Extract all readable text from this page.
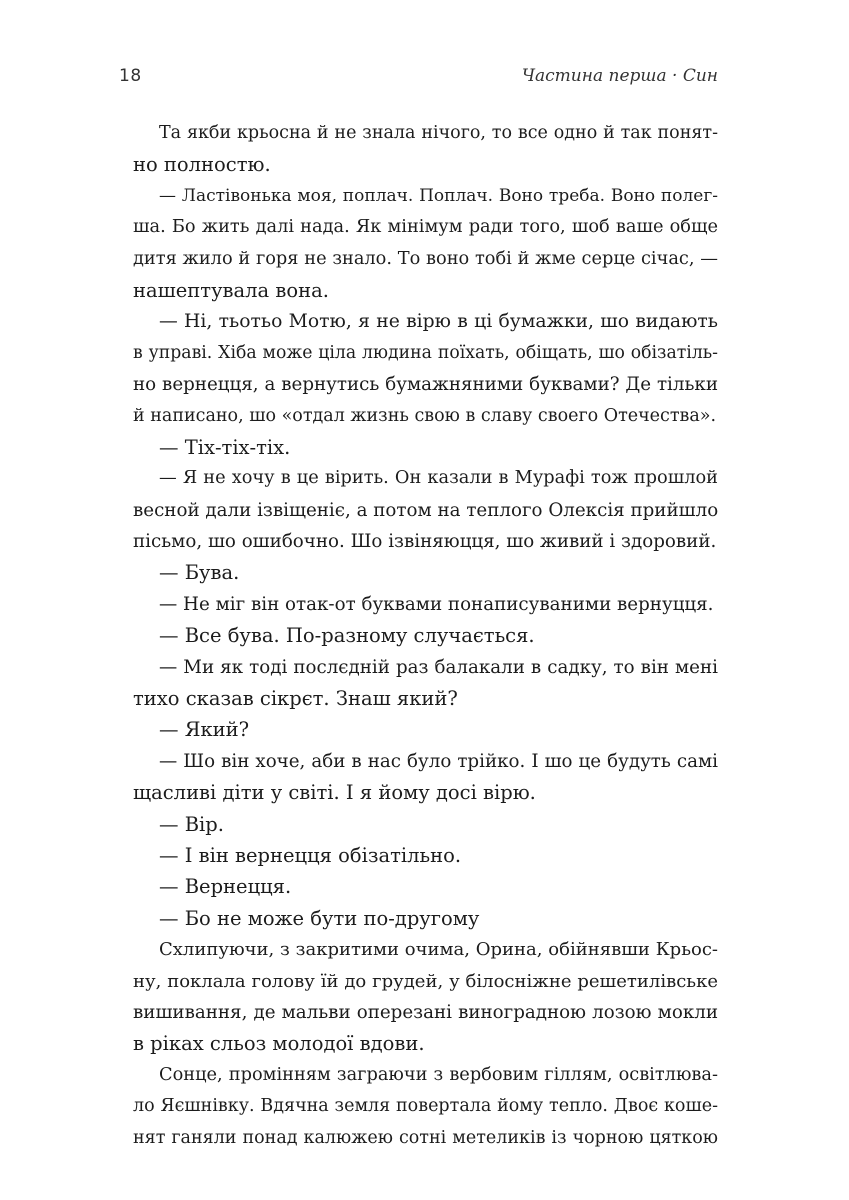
18	Частина перша · Син
Та якби крьосна й не знала нічого, то все одно й так понят-
но полностю.
— Ластівонька моя, поплач. Поплач. Воно треба. Воно полег-
ша. Бо жить далі нада. Як мінімум ради того, шоб ваше обще
дитя жило й горя не знало. То воно тобі й жме серце січас, —
нашептувала вона.
— Ні, тьотьо Мотю, я не вірю в ці бумажки, шо видають
в управі. Хіба може ціла людина поїхать, обіщать, шо обізатіль-
но вернецця, а вернутись бумажняними буквами? Де тільки
й написано, шо «отдал жизнь свою в славу своего Отечества».
— Тіх-тіх-тіх.
— Я не хочу в це вірить. Он казали в Мурафі тож прошлой
весной дали ізвіщеніє, а потом на теплого Олексія прийшло
пісьмо, шо ошибочно. Шо ізвіняюцця, шо живий і здоровий.
— Бува.
— Не міг він отак-от буквами понаписуваними вернуцця.
— Все бува. По-разному случається.
— Ми як тоді послєдній раз балакали в садку, то він мені
тихо сказав сікрєт. Знаш який?
— Який?
— Шо він хоче, аби в нас було трійко. І шо це будуть самі
щасливі діти у світі. І я йому досі вірю.
— Вір.
— І він вернецця обізатільно.
— Вернецця.
— Бо не може бути по-другому
Схлипуючи, з закритими очима, Орина, обійнявши Крьос-
ну, поклала голову їй до грудей, у білосніжне решетилівське
вишивання, де мальви оперезані виноградною лозою мокли
в ріках сльоз молодої вдови.
Сонце, промінням заграючи з вербовим гіллям, освітлюва-
ло Яєшнівку. Вдячна земля повертала йому тепло. Двоє коше-
нят ганяли понад калюжею сотні метеликів із чорною цяткою
